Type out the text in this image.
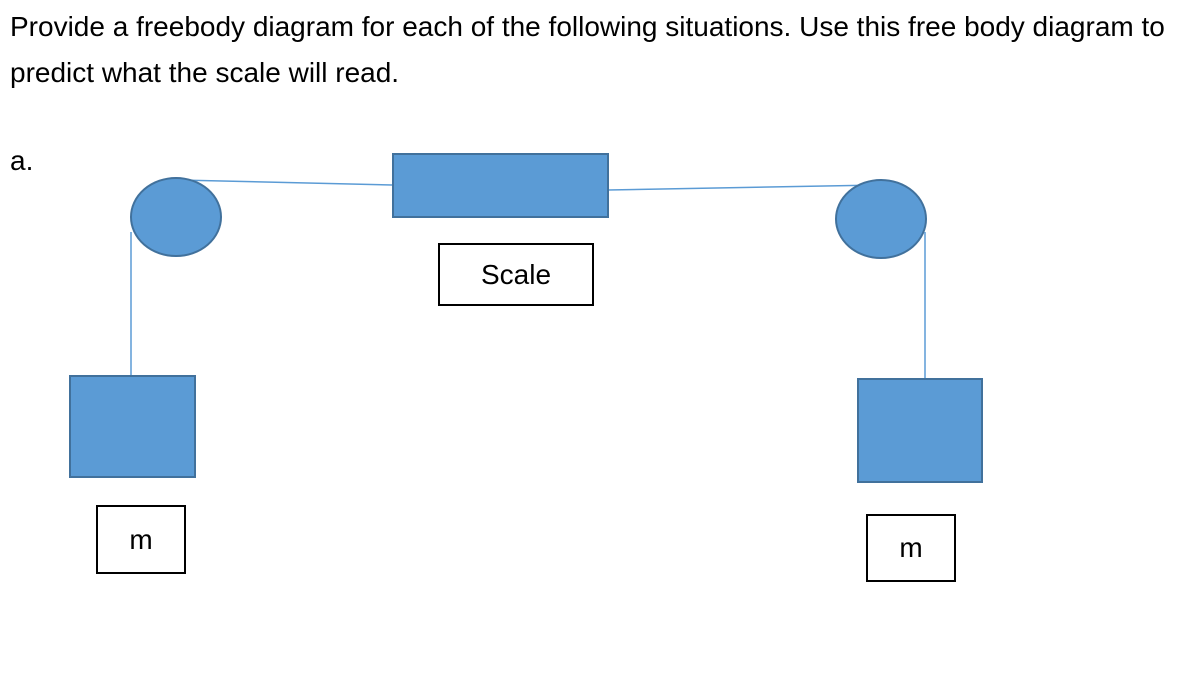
Provide a freebody diagram for each of the following situations. Use this free body diagram to predict what the scale will read.

a.
Scale
m	m
